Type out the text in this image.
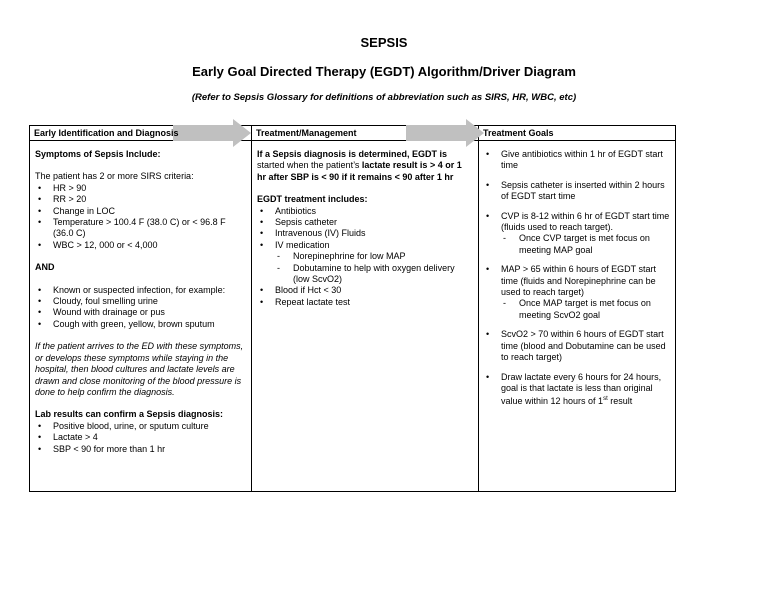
SEPSIS
Early Goal Directed Therapy (EGDT) Algorithm/Driver Diagram
(Refer to Sepsis Glossary for definitions of abbreviation such as SIRS, HR, WBC, etc)
Early Identification and Diagnosis	Treatment/Management	Treatment Goals

Symptoms of Sepsis Include:

The patient has 2 or more SIRS criteria:

• HR > 90
• RR > 20
• Change in LOC
• Temperature > 100.4 F (38.0 C) or < 96.8 F (36.0 C)
• WBC > 12, 000 or < 4,000

AND

• Known or suspected infection, for example:
• Cloudy, foul smelling urine
• Wound with drainage or pus
• Cough with green, yellow, brown sputum

If the patient arrives to the ED with these symptoms, or develops these symptoms while staying in the hospital, then blood cultures and lactate levels are drawn and close monitoring of the blood pressure is done to help confirm the diagnosis.

Lab results can confirm a Sepsis diagnosis:

• Positive blood, urine, or sputum culture
• Lactate > 4
• SBP < 90 for more than 1 hr

If a Sepsis diagnosis is determined, EGDT is started when the patient’s lactate result is > 4 or 1 hr after SBP is < 90 if it remains < 90 after 1 hr

EGDT treatment includes:

• Antibiotics
• Sepsis catheter
• Intravenous (IV) Fluids
• IV medication
- Norepinephrine for low MAP
- Dobutamine to help with oxygen delivery (low ScvO2)
• Blood if Hct < 30
• Repeat lactate test
• Give antibiotics within 1 hr of EGDT start time
• Sepsis catheter is inserted within 2 hours of EGDT start time
• CVP is 8-12 within 6 hr of EGDT start time (fluids used to reach target).
- Once CVP target is met focus on meeting MAP goal
• MAP > 65 within 6 hours of EGDT start time (fluids and Norepinephrine can be used to reach target)
- Once MAP target is met focus on meeting ScvO2 goal
• ScvO2 > 70 within 6 hours of EGDT start time (blood and Dobutamine can be used to reach target)
• Draw lactate every 6 hours for 24 hours, goal is that lactate is less than original value within 12 hours of 1st result
